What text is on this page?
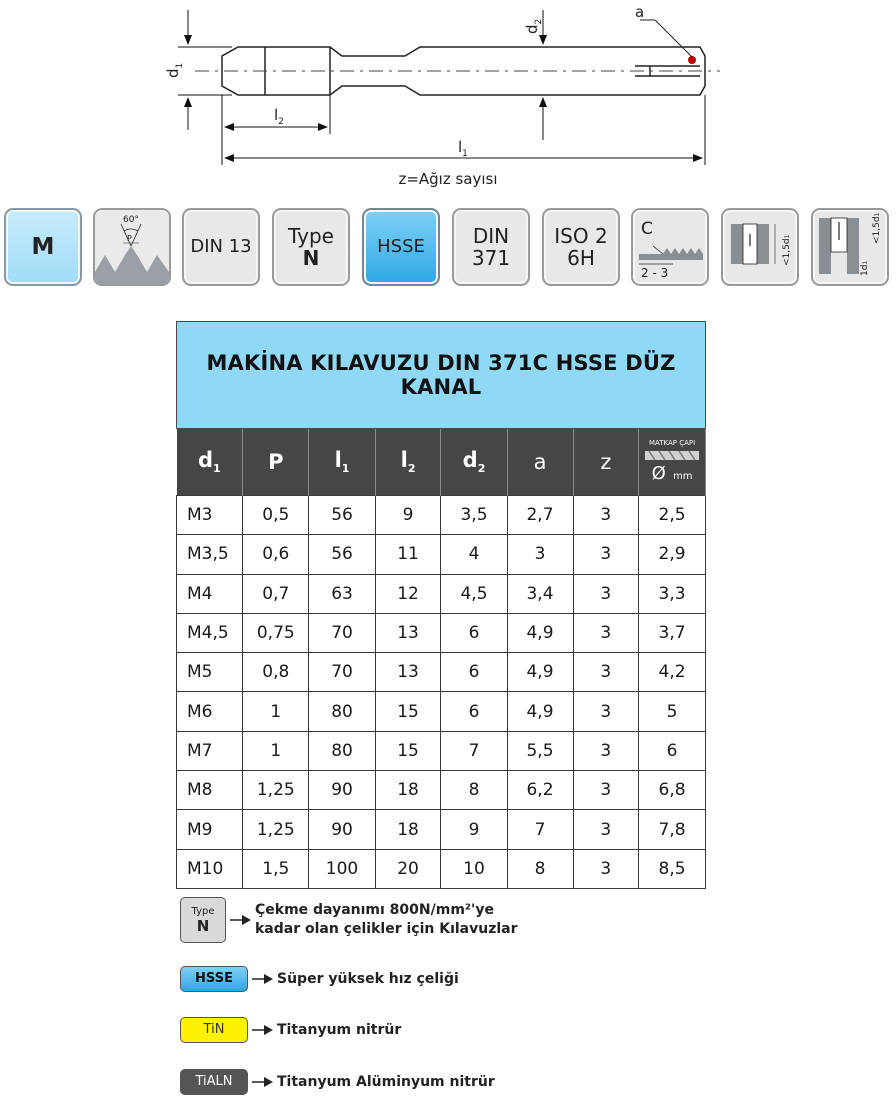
$d_1$
$d_2$
a
$l_2$
$l_1$
z=Ağız sayısı
M
60°
P	DIN 13 Type
N	HSSE DIN
371
ISO 2
6H
C
2 - 3
<1,5d1	<1,5d1
1d1
MAKİNA KILAVUZU DIN 371C HSSE DÜZ KANAL							
$d_1$	P	$l_1$	$l_2$	$d_2$	a	z	MATKAP ÇAPI
Ø mm

M3	0,5	56	9	3,5	2,7	3	2,5
M3,5	0,6	56	11	4	3	3	2,9
M4	0,7	63	12	4,5	3,4	3	3,3
M4,5	0,75	70	13	6	4,9	3	3,7
M5	0,8	70	13	6	4,9	3	4,2
M6	1	80	15	6	4,9	3	5
M7	1	80	15	7	5,5	3	6
M8	1,25	90	18	8	6,2	3	6,8
M9	1,25	90	18	9	7	3	7,8
M10	1,5	100	20	10	8	3	8,5
Type
N
Çekme dayanımı 800N/mm²'ye
kadar olan çelikler için Kılavuzlar
HSSE	Süper yüksek hız çeliği
TiN	Titanyum nitrür
TiALN	Titanyum Alüminyum nitrür
